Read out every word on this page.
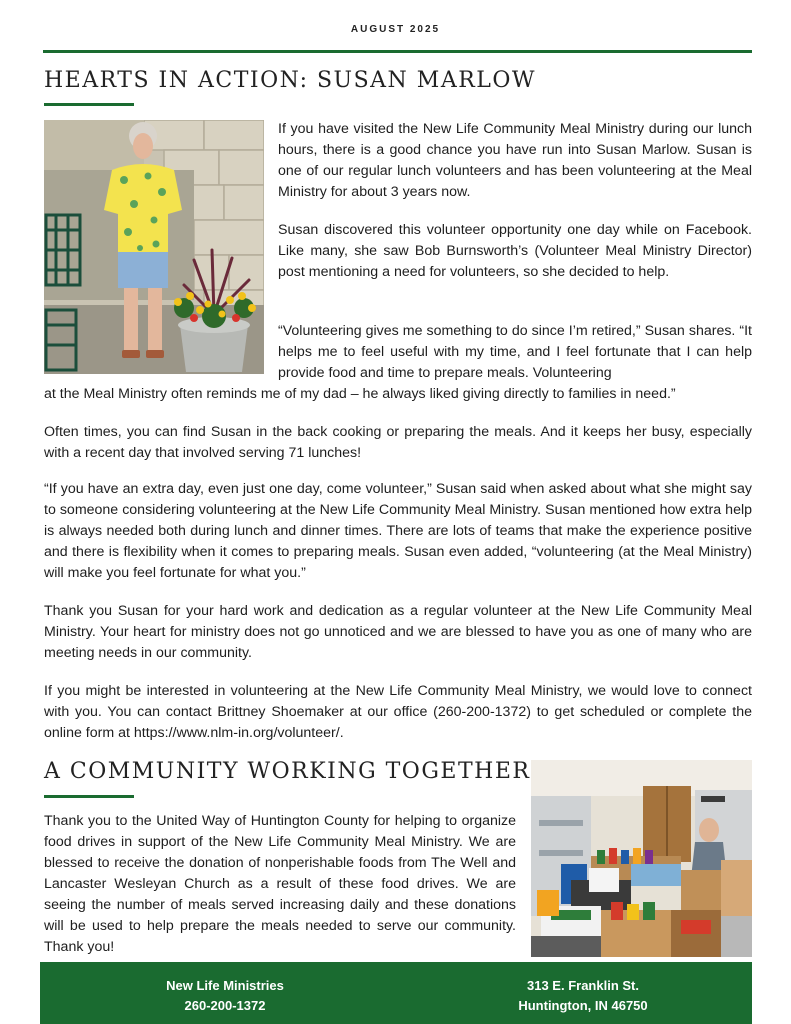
AUGUST 2025
HEARTS IN ACTION: SUSAN MARLOW

If you have visited the New Life Community Meal Ministry during our lunch hours, there is a good chance you have run into Susan Marlow. Susan is one of our regular lunch volunteers and has been volunteering at the Meal Ministry for about 3 years now.

Susan discovered this volunteer opportunity one day while on Facebook. Like many, she saw Bob Burnsworth’s (Volunteer Meal Ministry Director) post mentioning a need for volunteers, so she decided to help.

“Volunteering gives me something to do since I’m retired,” Susan shares. “It helps me to feel useful with my time, and I feel fortunate that I can help provide food and time to prepare meals. Volunteering

at the Meal Ministry often reminds me of my dad – he always liked giving directly to families in need.”

Often times, you can find Susan in the back cooking or preparing the meals. And it keeps her busy, especially with a recent day that involved serving 71 lunches!

“If you have an extra day, even just one day, come volunteer,” Susan said when asked about what she might say to someone considering volunteering at the New Life Community Meal Ministry. Susan mentioned how extra help is always needed both during lunch and dinner times. There are lots of teams that make the experience positive and there is flexibility when it comes to preparing meals. Susan even added, “volunteering (at the Meal Ministry) will make you feel fortunate for what you.”

Thank you Susan for your hard work and dedication as a regular volunteer at the New Life Community Meal Ministry. Your heart for ministry does not go unnoticed and we are blessed to have you as one of many who are meeting needs in our community.

If you might be interested in volunteering at the New Life Community Meal Ministry, we would love to connect with you. You can contact Brittney Shoemaker at our office (260-200-1372) to get scheduled or complete the online form at https://www.nlm-in.org/volunteer/.

A COMMUNITY WORKING TOGETHER

Thank you to the United Way of Huntington County for helping to organize food drives in support of the New Life Community Meal Ministry. We are blessed to receive the donation of nonperishable foods from The Well and Lancaster Wesleyan Church as a result of these food drives. We are seeing the number of meals served increasing daily and these donations will be used to help prepare the meals needed to serve our community. Thank you!

New Life Ministries
260-200-1372
313 E. Franklin St.
Huntington, IN 46750
